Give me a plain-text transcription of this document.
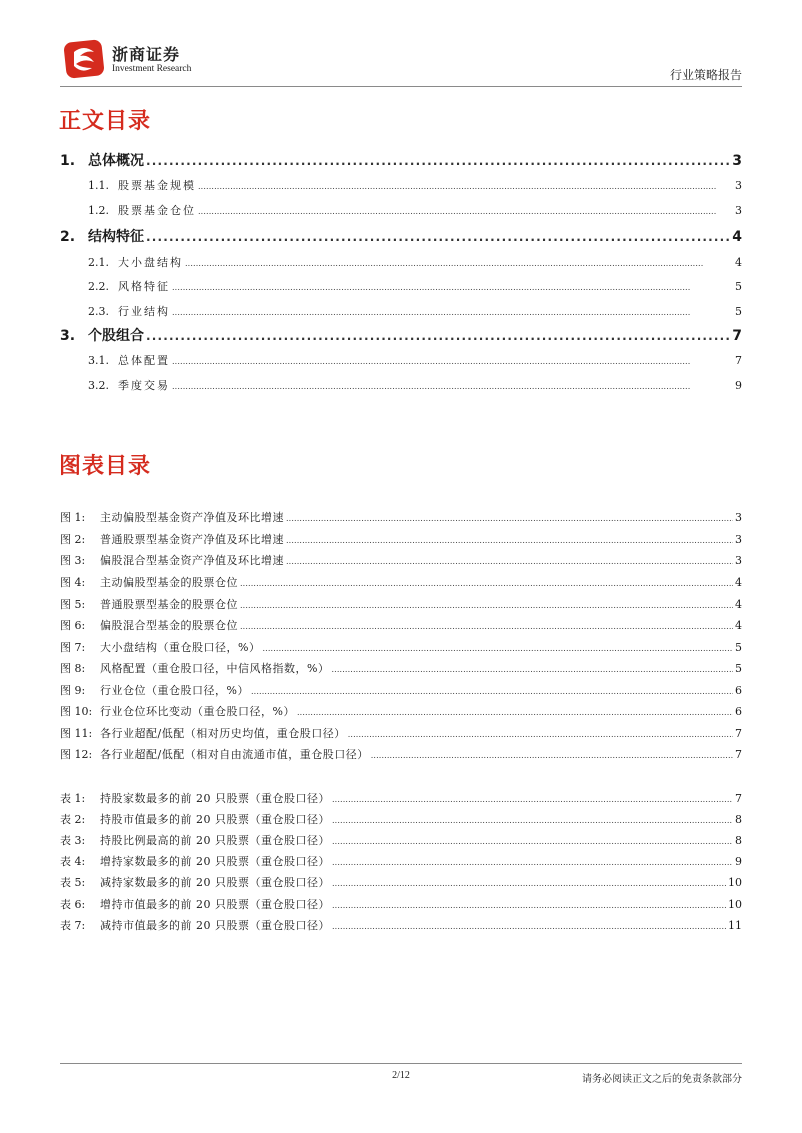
浙商证券
Investment Research	行业策略报告
正文目录
1. 总体概况 . . .	3
1.1. 股票基金规模 . . .	3
1.2. 股票基金仓位 . . .	3
2. 结构特征 . . .	4
2.1. 大小盘结构 . . .	4
2.2. 风格特征 . . .	5
2.3. 行业结构 . . .	5
3. 个股组合 . . .	7
3.1. 总体配置 . . .	7
3.2. 季度交易 . . .	9
图表目录
图 1:	主动偏股型基金资产净值及环比增速 . . .	3
图 2:	普通股票型基金资产净值及环比增速 . . .	3
图 3:	偏股混合型基金资产净值及环比增速 . . .	3
图 4:	主动偏股型基金的股票仓位 . . .	4
图 5:	普通股票型基金的股票仓位 . . .	4
图 6:	偏股混合型基金的股票仓位 . . .	4
图 7:	大小盘结构（重仓股口径，%） . . .	5
图 8:	风格配置（重仓股口径，中信风格指数，%） . . .	5
图 9:	行业仓位（重仓股口径，%） . . .	6
图 10: 行业仓位环比变动（重仓股口径，%） . . .	6
图 11: 各行业超配/低配（相对历史均值，重仓股口径） . . .	7
图 12: 各行业超配/低配（相对自由流通市值，重仓股口径） . . .	7
表 1:	持股家数最多的前 20 只股票（重仓股口径） . . .	7
表 2:	持股市值最多的前 20 只股票（重仓股口径） . . .	8
表 3:	持股比例最高的前 20 只股票（重仓股口径） . . .	8
表 4:	增持家数最多的前 20 只股票（重仓股口径） . . .	9
表 5:	减持家数最多的前 20 只股票（重仓股口径） . . .	10
表 6:	增持市值最多的前 20 只股票（重仓股口径） . . .	10
表 7:	减持市值最多的前 20 只股票（重仓股口径） . . .	11
2/12	请务必阅读正文之后的免责条款部分
